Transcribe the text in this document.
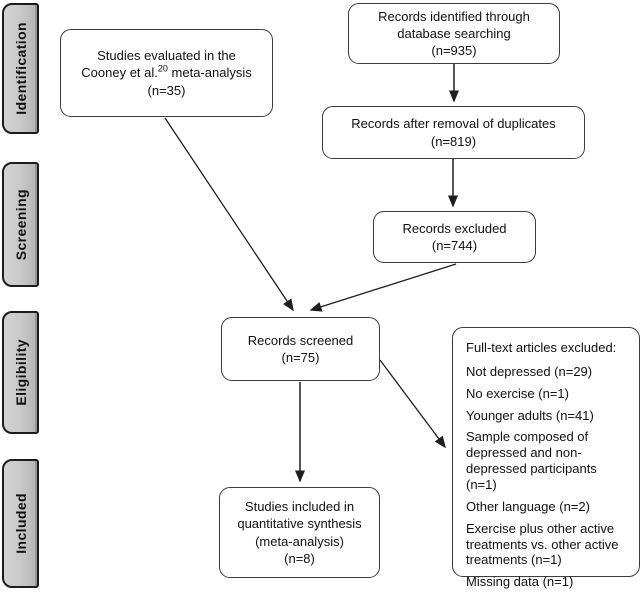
Identification
Screening
Eligibility
Included
Studies evaluated in the
Cooney et al.$^{20}$ meta-analysis
(n=35)
Records identified through
database searching
(n=935)
Records after removal of duplicates
(n=819)
Records excluded
(n=744)
Records screened
(n=75)
Full-text articles excluded:
Not depressed (n=29)
No exercise (n=1)
Younger adults (n=41)
Sample composed of depressed and non-depressed participants (n=1)
Other language (n=2)
Exercise plus other active treatments vs. other active treatments (n=1)
Missing data (n=1)
Studies included in
quantitative synthesis
(meta-analysis)
(n=8)
